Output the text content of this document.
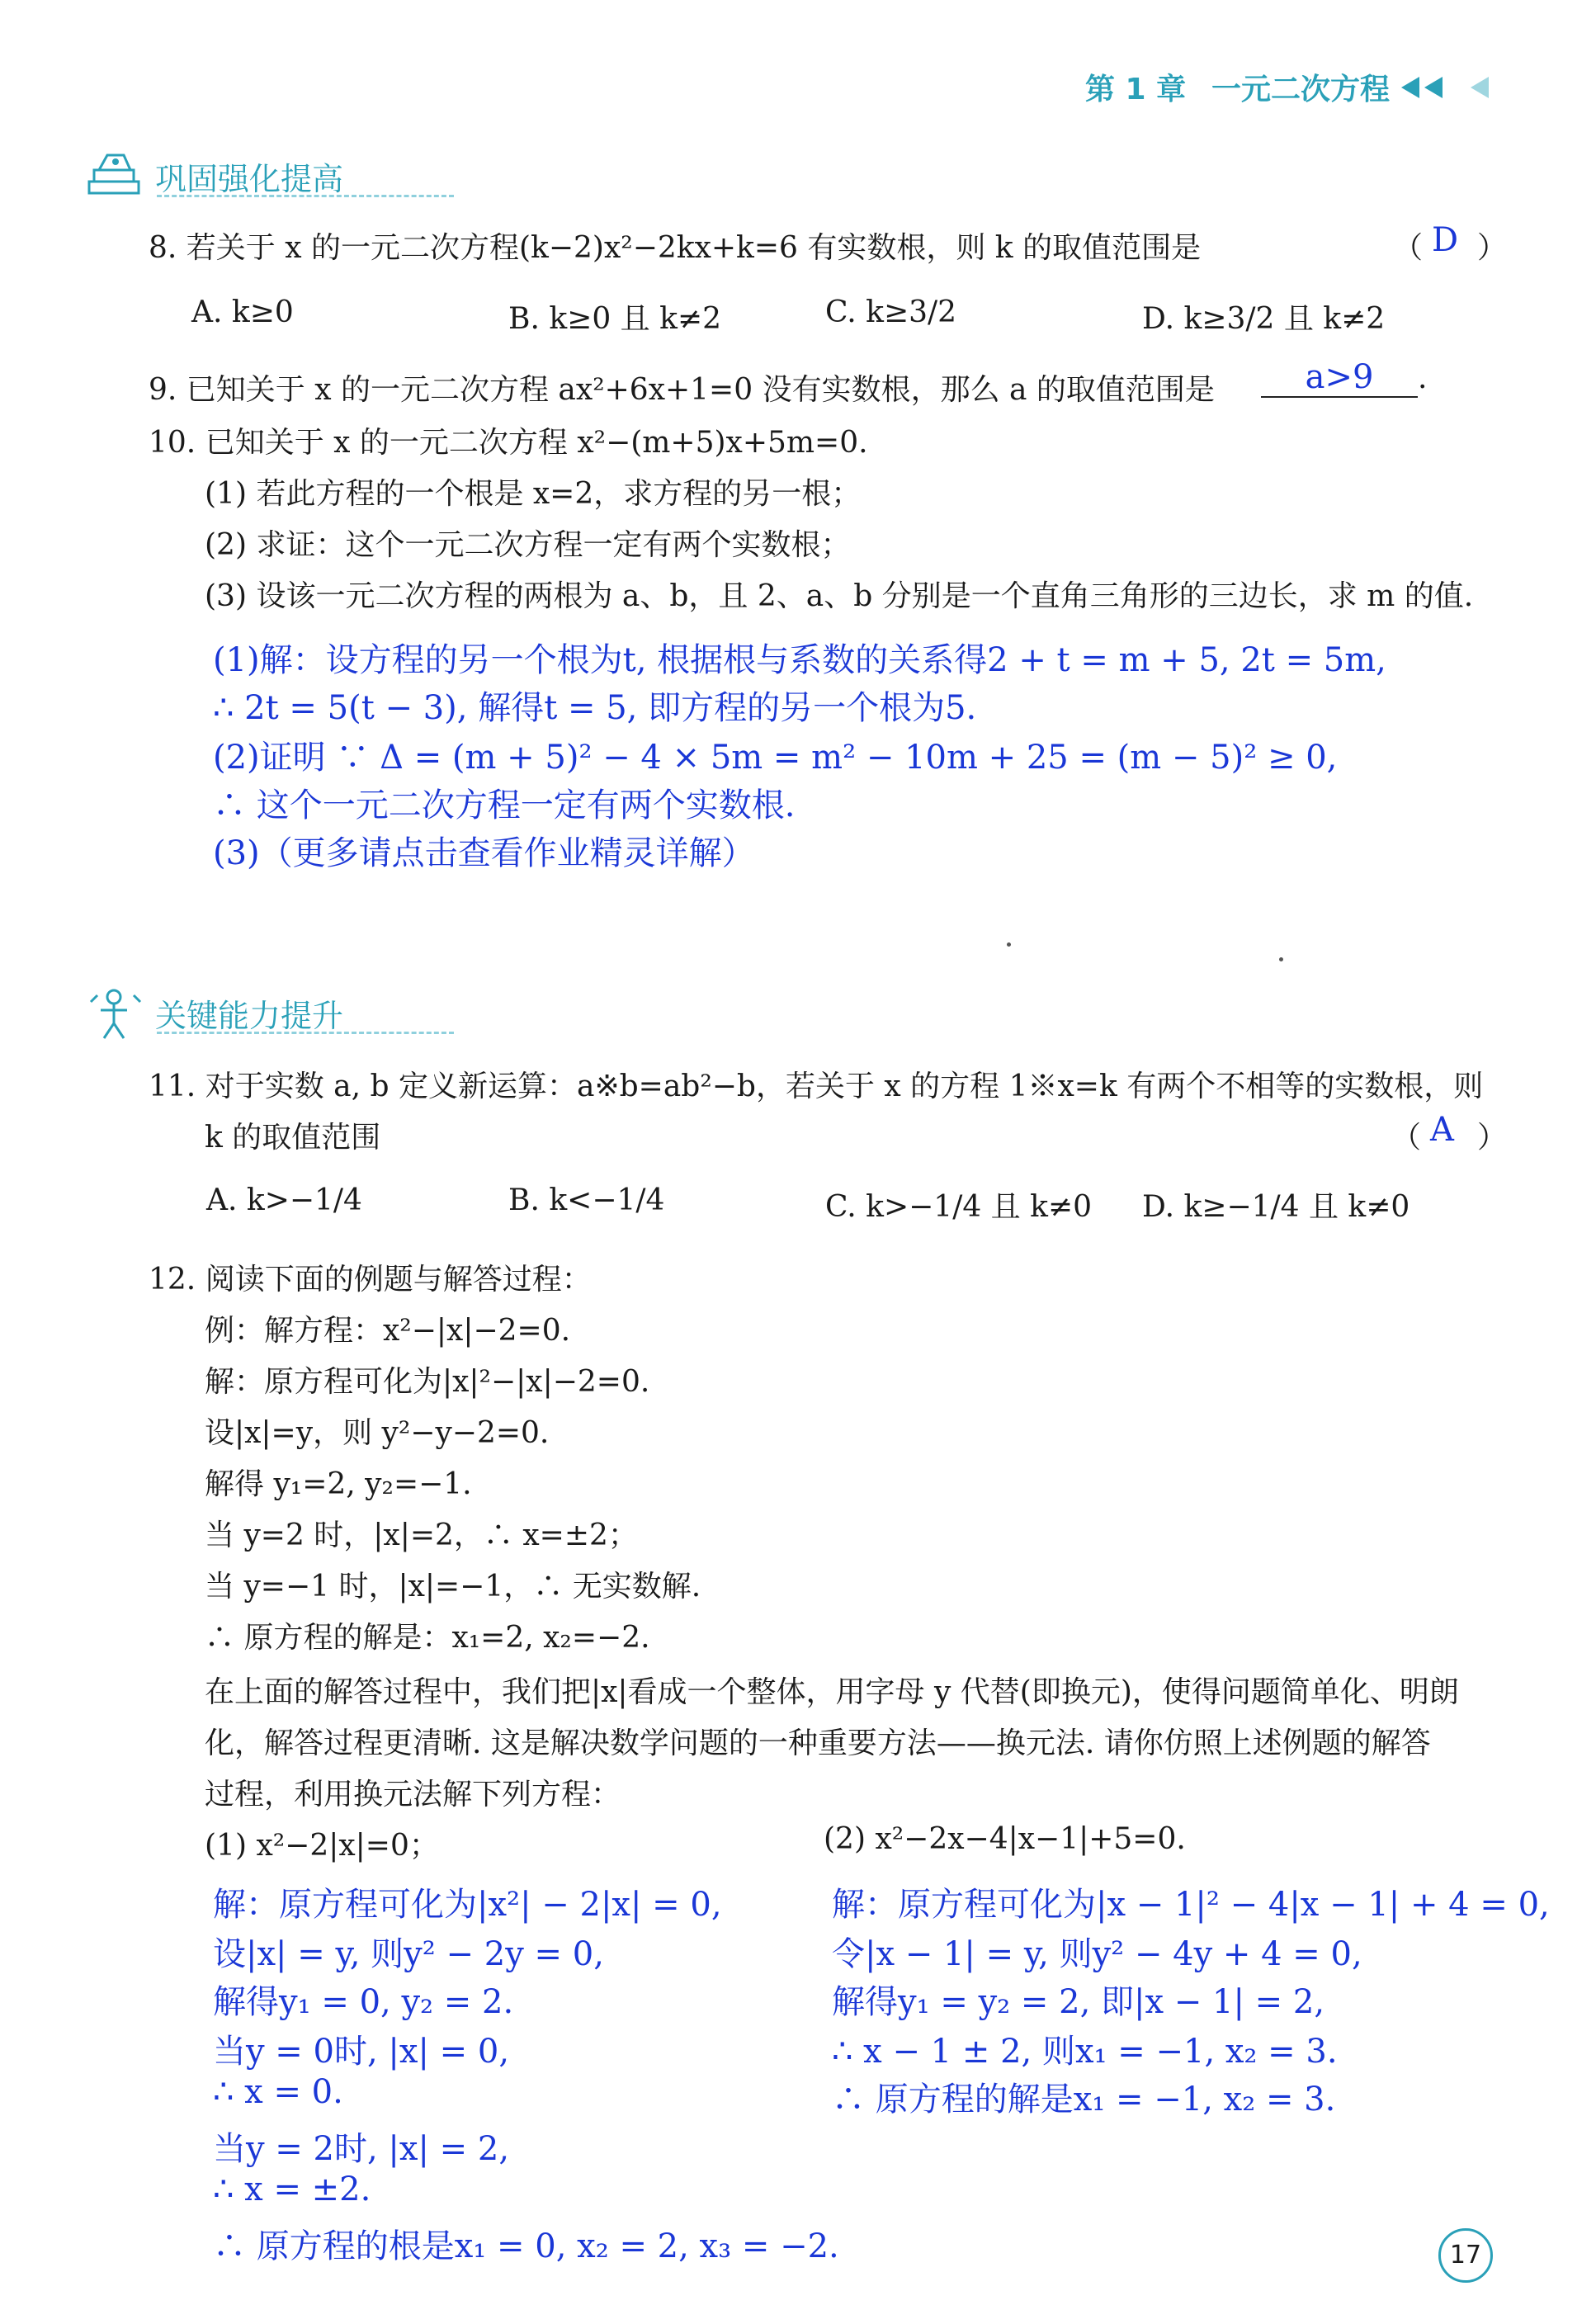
第 1 章 一元二次方程
巩固强化提高
8. 若关于 x 的一元二次方程(k−2)x²−2kx+k=6 有实数根，则 k 的取值范围是	（ D ）
A. k≥0	B. k≥0 且 k≠2	C. k≥3/2	D. k≥3/2 且 k≠2
9. 已知关于 x 的一元二次方程 ax²+6x+1=0 没有实数根，那么 a 的取值范围是	a>9 .
10. 已知关于 x 的一元二次方程 x²−(m+5)x+5m=0.
(1) 若此方程的一个根是 x=2，求方程的另一根；
(2) 求证：这个一元二次方程一定有两个实数根；
(3) 设该一元二次方程的两根为 a、b，且 2、a、b 分别是一个直角三角形的三边长，求 m 的值.
(1)解：设方程的另一个根为t, 根据根与系数的关系得2 + t = m + 5, 2t = 5m,
∴ 2t = 5(t − 3), 解得t = 5, 即方程的另一个根为5.
(2)证明 ∵ Δ = (m + 5)² − 4 × 5m = m² − 10m + 25 = (m − 5)² ≥ 0,
∴ 这个一元二次方程一定有两个实数根.
(3)（更多请点击查看作业精灵详解）
关键能力提升
11. 对于实数 a, b 定义新运算：a※b=ab²−b，若关于 x 的方程 1※x=k 有两个不相等的实数根，则
k 的取值范围	（ A ）
A. k>−1/4	B. k<−1/4	C. k>−1/4 且 k≠0 D. k≥−1/4 且 k≠0
12. 阅读下面的例题与解答过程：
例：解方程：x²−|x|−2=0.
解：原方程可化为|x|²−|x|−2=0.
设|x|=y，则 y²−y−2=0.
解得 y₁=2, y₂=−1.
当 y=2 时，|x|=2，∴ x=±2；
当 y=−1 时，|x|=−1，∴ 无实数解.
∴ 原方程的解是：x₁=2, x₂=−2.
在上面的解答过程中，我们把|x|看成一个整体，用字母 y 代替(即换元)，使得问题简单化、明朗
化，解答过程更清晰. 这是解决数学问题的一种重要方法——换元法. 请你仿照上述例题的解答
过程，利用换元法解下列方程：
(1) x²−2|x|=0；	(2) x²−2x−4|x−1|+5=0.
解：原方程可化为|x²| − 2|x| = 0,
设|x| = y, 则y² − 2y = 0,
解得y₁ = 0, y₂ = 2.
当y = 0时, |x| = 0,
∴ x = 0.
当y = 2时, |x| = 2,
∴ x = ±2.
∴ 原方程的根是x₁ = 0, x₂ = 2, x₃ = −2.
解：原方程可化为|x − 1|² − 4|x − 1| + 4 = 0,
令|x − 1| = y, 则y² − 4y + 4 = 0,
解得y₁ = y₂ = 2, 即|x − 1| = 2,
∴ x − 1 ± 2, 则x₁ = −1, x₂ = 3.
∴ 原方程的解是x₁ = −1, x₂ = 3.
17
